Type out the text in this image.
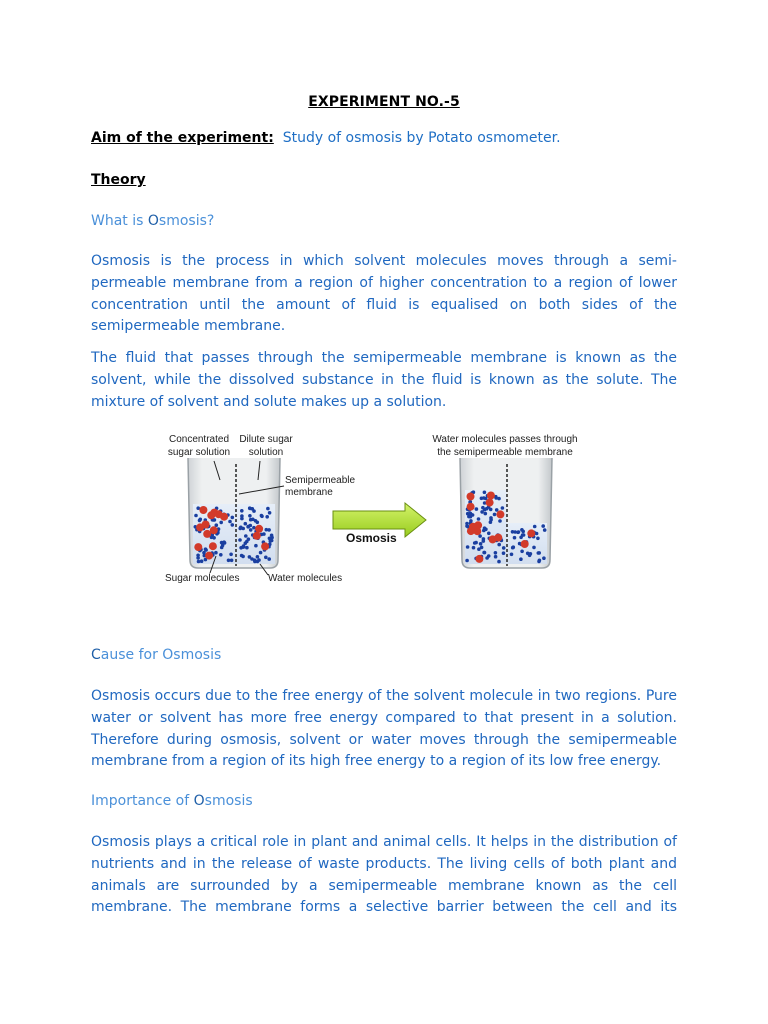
EXPERIMENT NO.-5
Aim of the experiment: Study of osmosis by Potato osmometer.
Theory
What is Osmosis?
Osmosis is the process in which solvent molecules moves through a semi-
permeable membrane from a region of higher concentration to a region of lower
concentration until the amount of fluid is equalised on both sides of the
semipermeable membrane.
The fluid that passes through the semipermeable membrane is known as the
solvent, while the dissolved substance in the fluid is known as the solute. The
mixture of solvent and solute makes up a solution.
Concentrated
sugar solution
Dilute sugar
solution
Semipermeable
membrane
Sugar molecules	Water molecules
Osmosis
Water molecules passes through
the semipermeable membrane
Cause for Osmosis
Osmosis occurs due to the free energy of the solvent molecule in two regions. Pure
water or solvent has more free energy compared to that present in a solution.
Therefore during osmosis, solvent or water moves through the semipermeable
membrane from a region of its high free energy to a region of its low free energy.
Importance of Osmosis
Osmosis plays a critical role in plant and animal cells. It helps in the distribution of
nutrients and in the release of waste products. The living cells of both plant and
animals are surrounded by a semipermeable membrane known as the cell
membrane. The membrane forms a selective barrier between the cell and its
